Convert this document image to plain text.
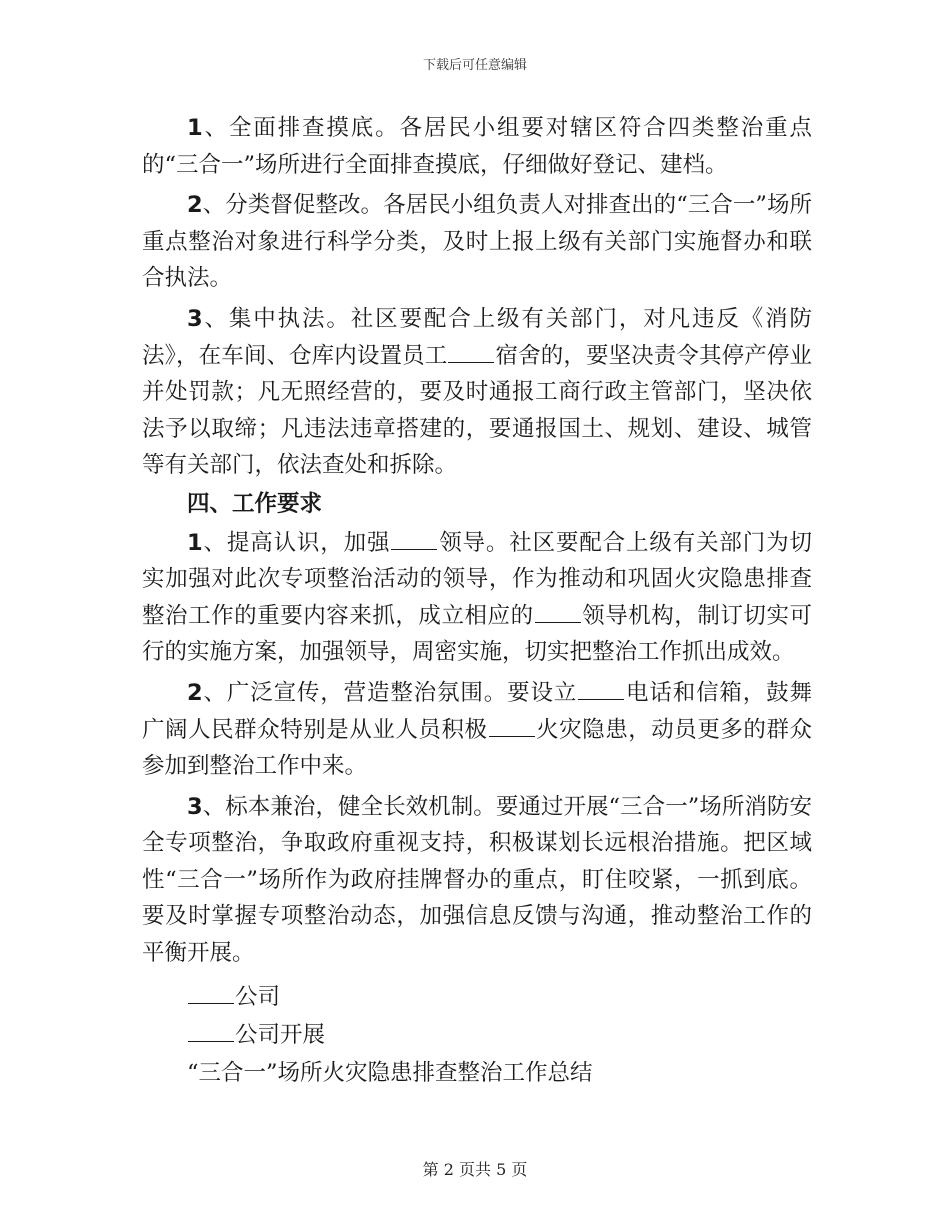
下载后可任意编辑

1、全面排查摸底。各居民小组要对辖区符合四类整治重点的“三合一”场所进行全面排查摸底，仔细做好登记、建档。

2、分类督促整改。各居民小组负责人对排查出的“三合一”场所重点整治对象进行科学分类，及时上报上级有关部门实施督办和联合执法。

3、集中执法。社区要配合上级有关部门，对凡违反《消防法》，在车间、仓库内设置员工 宿舍的，要坚决责令其停产停业并处罚款；凡无照经营的，要及时通报工商行政主管部门，坚决依法予以取缔；凡违法违章搭建的，要通报国土、规划、建设、城管等有关部门，依法查处和拆除。

四、工作要求

1、提高认识，加强 领导。社区要配合上级有关部门为切实加强对此次专项整治活动的领导，作为推动和巩固火灾隐患排查整治工作的重要内容来抓，成立相应的 领导机构，制订切实可行的实施方案，加强领导，周密实施，切实把整治工作抓出成效。

2、广泛宣传，营造整治氛围。要设立 电话和信箱，鼓舞广阔人民群众特别是从业人员积极 火灾隐患，动员更多的群众参加到整治工作中来。

3、标本兼治，健全长效机制。要通过开展“三合一”场所消防安全专项整治，争取政府重视支持，积极谋划长远根治措施。把区域性“三合一”场所作为政府挂牌督办的重点，盯住咬紧，一抓到底。要及时掌握专项整治动态，加强信息反馈与沟通，推动整治工作的平衡开展。

公司

公司开展

“三合一”场所火灾隐患排查整治工作总结

第 2 页共 5 页
